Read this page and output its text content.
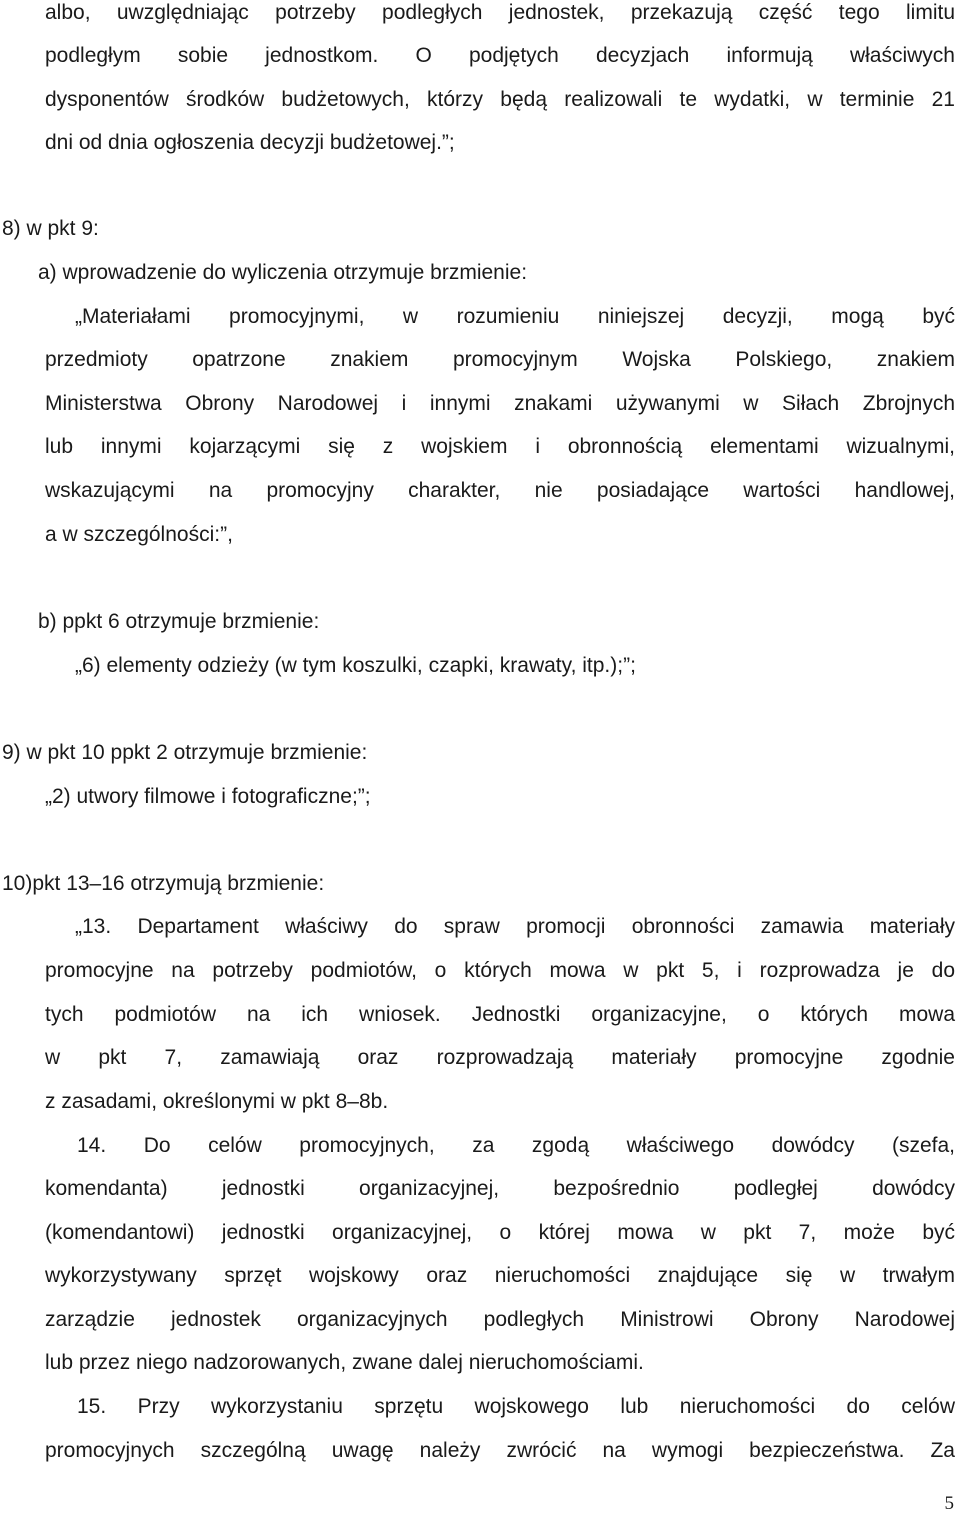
albo, uwzględniając potrzeby podległych jednostek, przekazują część tego limitu
podległym sobie jednostkom. O podjętych decyzjach informują właściwych
dysponentów środków budżetowych, którzy będą realizowali te wydatki, w terminie 21
dni od dnia ogłoszenia decyzji budżetowej.”;
8) w pkt 9:
a) wprowadzenie do wyliczenia otrzymuje brzmienie:
„Materiałami promocyjnymi, w rozumieniu niniejszej decyzji, mogą być
przedmioty opatrzone znakiem promocyjnym Wojska Polskiego, znakiem
Ministerstwa Obrony Narodowej i innymi znakami używanymi w Siłach Zbrojnych
lub innymi kojarzącymi się z wojskiem i obronnością elementami wizualnymi,
wskazującymi na promocyjny charakter, nie posiadające wartości handlowej,
a w szczególności:”,
b) ppkt 6 otrzymuje brzmienie:
„6) elementy odzieży (w tym koszulki, czapki, krawaty, itp.);”;
9) w pkt 10 ppkt 2 otrzymuje brzmienie:
„2) utwory filmowe i fotograficzne;”;
10)pkt 13–16 otrzymują brzmienie:
„13. Departament właściwy do spraw promocji obronności zamawia materiały
promocyjne na potrzeby podmiotów, o których mowa w pkt 5, i rozprowadza je do
tych podmiotów na ich wniosek. Jednostki organizacyjne, o których mowa
w pkt 7, zamawiają oraz rozprowadzają materiały promocyjne zgodnie
z zasadami, określonymi w pkt 8–8b.
14. Do celów promocyjnych, za zgodą właściwego dowódcy (szefa,
komendanta) jednostki organizacyjnej, bezpośrednio podległej dowódcy
(komendantowi) jednostki organizacyjnej, o której mowa w pkt 7, może być
wykorzystywany sprzęt wojskowy oraz nieruchomości znajdujące się w trwałym
zarządzie jednostek organizacyjnych podległych Ministrowi Obrony Narodowej
lub przez niego nadzorowanych, zwane dalej nieruchomościami.
15. Przy wykorzystaniu sprzętu wojskowego lub nieruchomości do celów
promocyjnych szczególną uwagę należy zwrócić na wymogi bezpieczeństwa. Za
5
